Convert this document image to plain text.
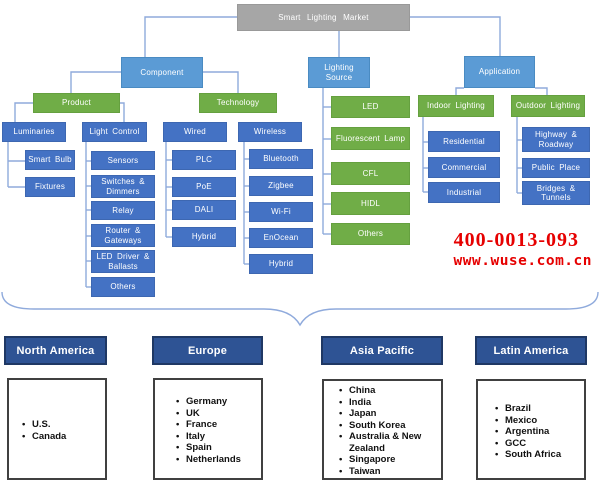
Smart Lighting Market
Component
Lighting Source
Application
Product	Technology
Luminaries	Light Control	Wired	Wireless
Smart Bulb
Fixtures
Sensors
Switches & Dimmers
Relay
Router & Gateways
LED Driver & Ballasts
Others
PLC
PoE
DALI
Hybrid
Bluetooth
Zigbee
Wi-Fi
EnOcean
Hybrid
LED
Fluorescent Lamp
CFL
HIDL
Others
Indoor Lighting	Outdoor Lighting
Residential
Commercial
Industrial
Highway & Roadway
Public Place
Bridges & Tunnels
400-0013-093
www.wuse.com.cn
North America	Europe	Asia Pacific	Latin America
• U.S.
• Canada
• Germany
• UK
• France
• Italy
• Spain
• Netherlands
• China
• India
• Japan
• South Korea
• Australia & New Zealand
• Singapore
• Taiwan
• Brazil
• Mexico
• Argentina
• GCC
• South Africa
